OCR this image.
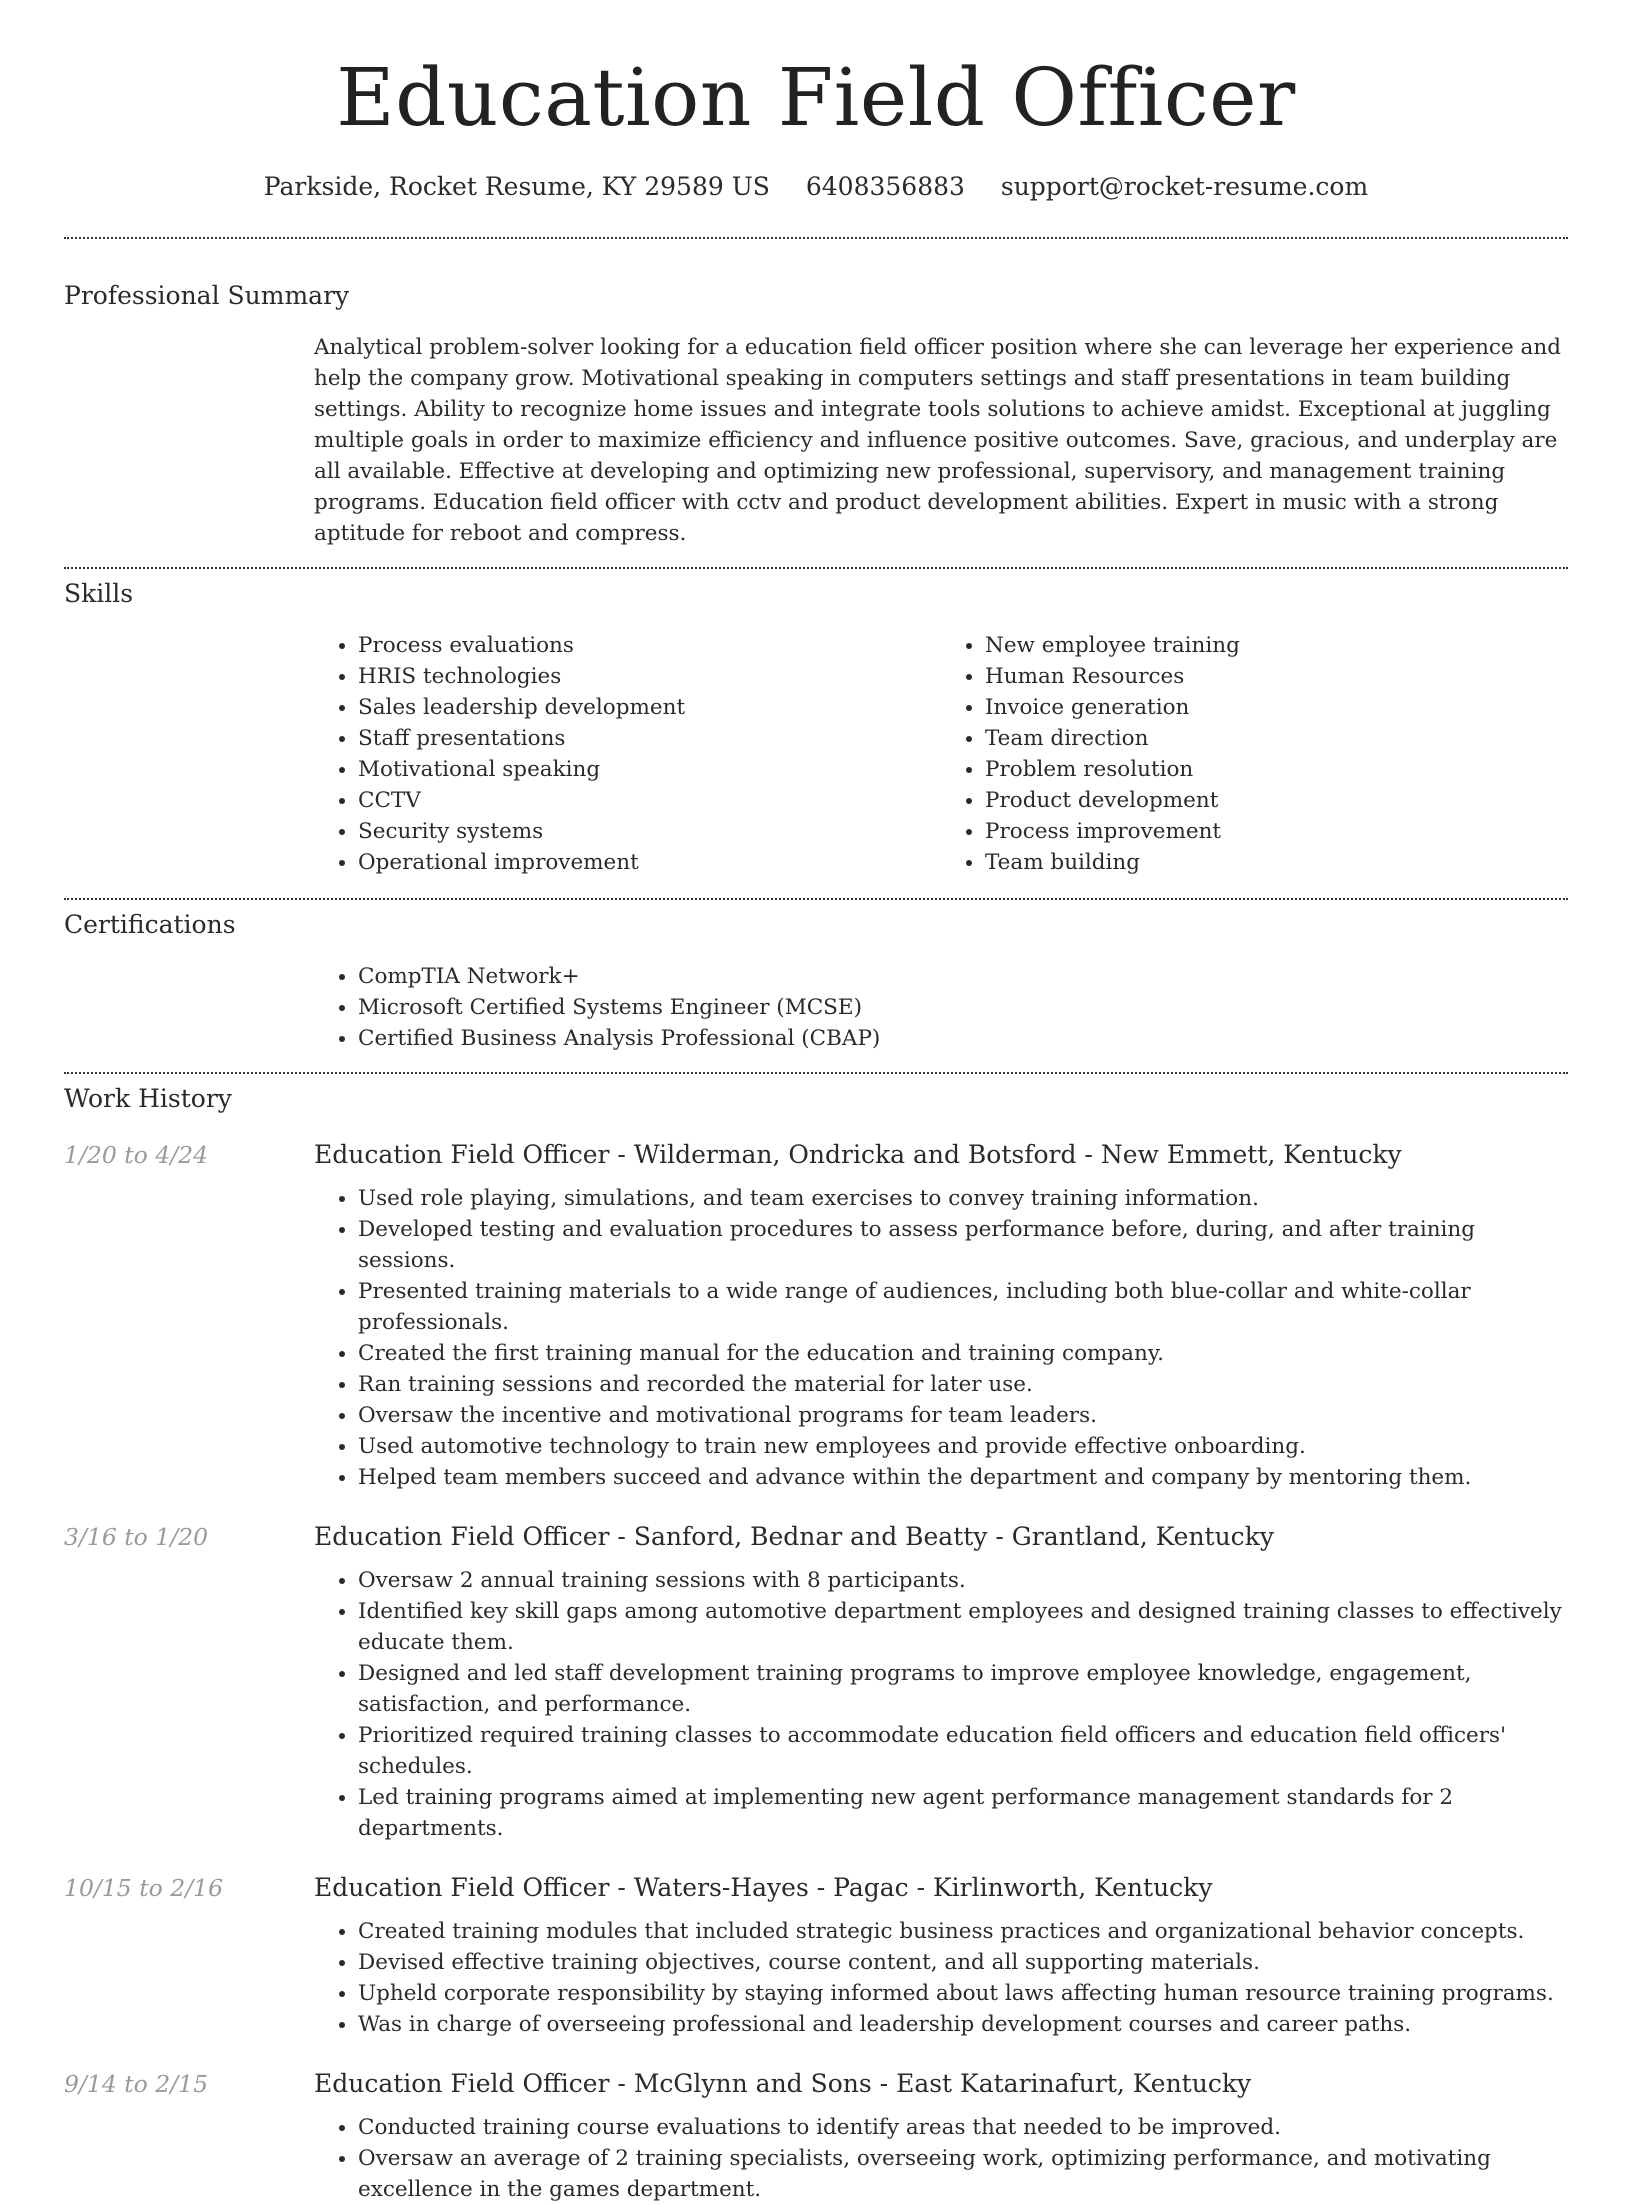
Education Field Officer
Parkside, Rocket Resume, KY 29589 US 6408356883 support@rocket-resume.com
Professional Summary

Analytical problem-solver looking for a education field officer position where she can leverage her experience and help the company grow. Motivational speaking in computers settings and staff presentations in team building settings. Ability to recognize home issues and integrate tools solutions to achieve amidst. Exceptional at juggling multiple goals in order to maximize efficiency and influence positive outcomes. Save, gracious, and underplay are all available. Effective at developing and optimizing new professional, supervisory, and management training programs. Education field officer with cctv and product development abilities. Expert in music with a strong aptitude for reboot and compress.

Skills
• Process evaluations
• HRIS technologies
• Sales leadership development
• Staff presentations
• Motivational speaking
• CCTV
• Security systems
• Operational improvement
• New employee training
• Human Resources
• Invoice generation
• Team direction
• Problem resolution
• Product development
• Process improvement
• Team building
Certifications
• CompTIA Network+
• Microsoft Certified Systems Engineer (MCSE)
• Certified Business Analysis Professional (CBAP)
Work History
1/20 to 4/24	Education Field Officer - Wilderman, Ondricka and Botsford - New Emmett, Kentucky
• Used role playing, simulations, and team exercises to convey training information.
• Developed testing and evaluation procedures to assess performance before, during, and after training sessions.
• Presented training materials to a wide range of audiences, including both blue-collar and white-collar professionals.
• Created the first training manual for the education and training company.
• Ran training sessions and recorded the material for later use.
• Oversaw the incentive and motivational programs for team leaders.
• Used automotive technology to train new employees and provide effective onboarding.
• Helped team members succeed and advance within the department and company by mentoring them.
3/16 to 1/20	Education Field Officer - Sanford, Bednar and Beatty - Grantland, Kentucky
• Oversaw 2 annual training sessions with 8 participants.
• Identified key skill gaps among automotive department employees and designed training classes to effectively educate them.
• Designed and led staff development training programs to improve employee knowledge, engagement, satisfaction, and performance.
• Prioritized required training classes to accommodate education field officers and education field officers' schedules.
• Led training programs aimed at implementing new agent performance management standards for 2 departments.
10/15 to 2/16	Education Field Officer - Waters-Hayes - Pagac - Kirlinworth, Kentucky
• Created training modules that included strategic business practices and organizational behavior concepts.
• Devised effective training objectives, course content, and all supporting materials.
• Upheld corporate responsibility by staying informed about laws affecting human resource training programs.
• Was in charge of overseeing professional and leadership development courses and career paths.
9/14 to 2/15	Education Field Officer - McGlynn and Sons - East Katarinafurt, Kentucky
• Conducted training course evaluations to identify areas that needed to be improved.
• Oversaw an average of 2 training specialists, overseeing work, optimizing performance, and motivating excellence in the games department.
